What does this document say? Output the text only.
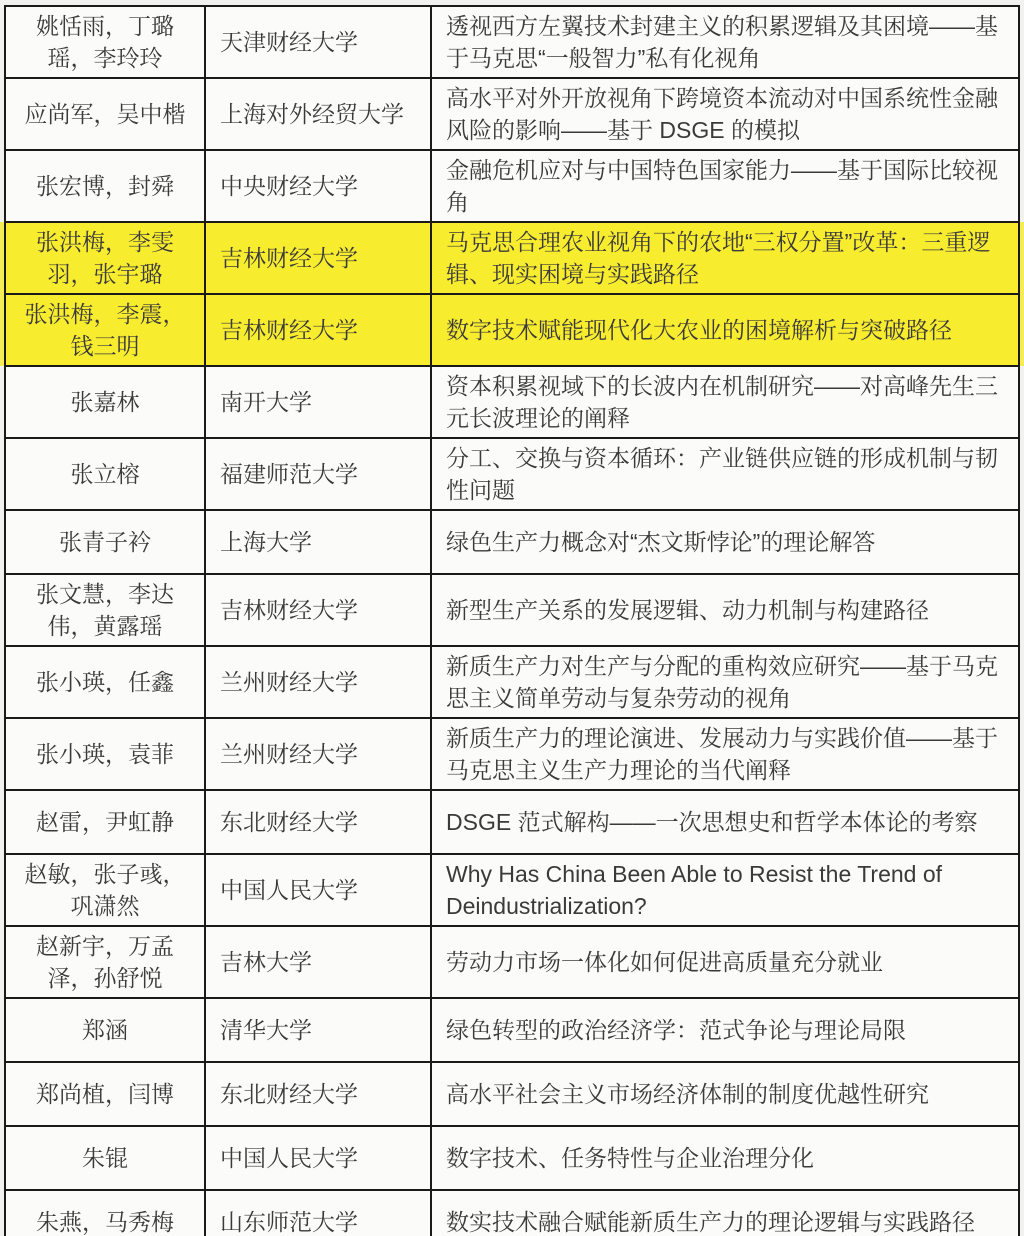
姚恬雨，丁璐瑶，李玲玲	天津财经大学	透视西方左翼技术封建主义的积累逻辑及其困境——基于马克思“一般智力”私有化视角
应尚军，吴中楷	上海对外经贸大学	高水平对外开放视角下跨境资本流动对中国系统性金融风险的影响——基于 DSGE 的模拟
张宏博，封舜	中央财经大学	金融危机应对与中国特色国家能力——基于国际比较视角
张洪梅，李雯羽，张宇璐	吉林财经大学	马克思合理农业视角下的农地“三权分置”改革：三重逻辑、现实困境与实践路径
张洪梅，李震，钱三明	吉林财经大学	数字技术赋能现代化大农业的困境解析与突破路径
张嘉林	南开大学	资本积累视域下的长波内在机制研究——对高峰先生三元长波理论的阐释
张立榕	福建师范大学	分工、交换与资本循环：产业链供应链的形成机制与韧性问题
张青子衿	上海大学	绿色生产力概念对“杰文斯悖论”的理论解答
张文慧，李达伟，黄露瑶	吉林财经大学	新型生产关系的发展逻辑、动力机制与构建路径
张小瑛，任鑫	兰州财经大学	新质生产力对生产与分配的重构效应研究——基于马克思主义简单劳动与复杂劳动的视角
张小瑛，袁菲	兰州财经大学	新质生产力的理论演进、发展动力与实践价值——基于马克思主义生产力理论的当代阐释
赵雷，尹虹静	东北财经大学	DSGE 范式解构——一次思想史和哲学本体论的考察
赵敏，张子彧，巩潇然	中国人民大学	Why Has China Been Able to Resist the Trend of Deindustrialization?
赵新宇，万孟泽，孙舒悦	吉林大学	劳动力市场一体化如何促进高质量充分就业
郑涵	清华大学	绿色转型的政治经济学：范式争论与理论局限
郑尚植，闫博	东北财经大学	高水平社会主义市场经济体制的制度优越性研究
朱锟	中国人民大学	数字技术、任务特性与企业治理分化
朱燕，马秀梅	山东师范大学	数实技术融合赋能新质生产力的理论逻辑与实践路径
